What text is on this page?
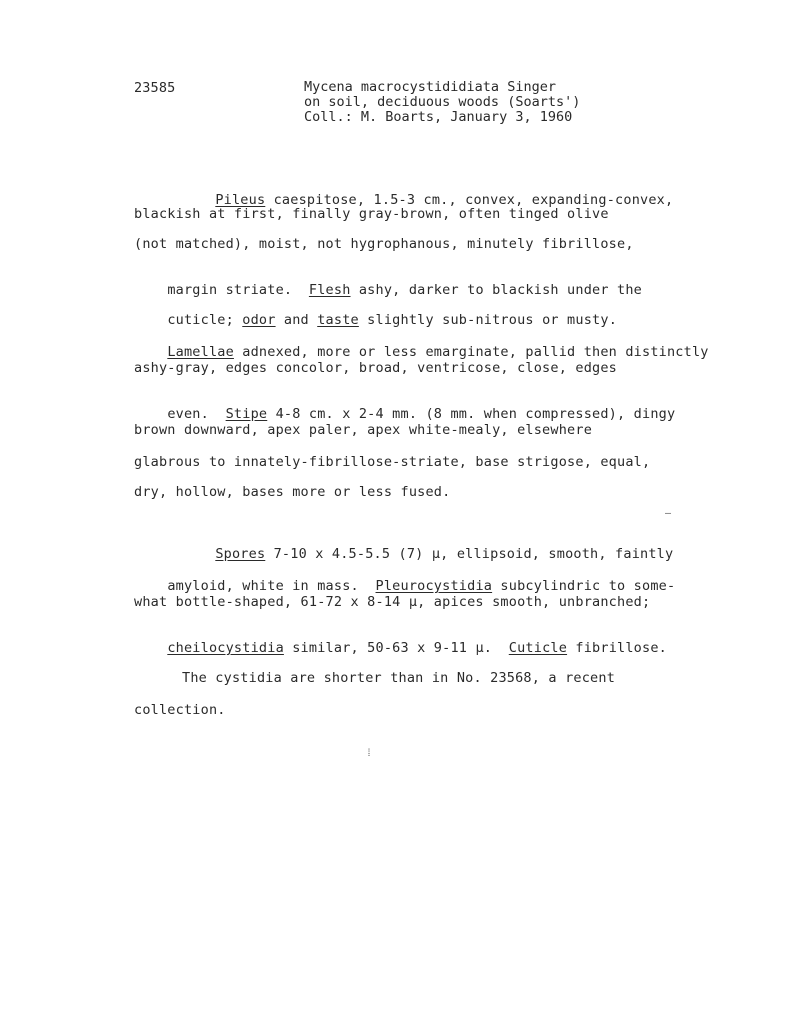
23585	Mycena macrocystididiata Singer
on soil, deciduous woods (Soarts')
Coll.: M. Boarts, January 3, 1960

Pileus caespitose, 1.5-3 cm., convex, expanding-convex,

blackish at first, finally gray-brown, often tinged olive
(not matched), moist, not hygrophanous, minutely fibrillose,

margin striate.  Flesh ashy, darker to blackish under the

cuticle; odor and taste slightly sub-nitrous or musty.

Lamellae adnexed, more or less emarginate, pallid then distinctly

ashy-gray, edges concolor, broad, ventricose, close, edges

even.  Stipe 4-8 cm. x 2-4 mm. (8 mm. when compressed), dingy

brown downward, apex paler, apex white-mealy, elsewhere
glabrous to innately-fibrillose-striate, base strigose, equal,
dry, hollow, bases more or less fused.
—

Spores 7-10 x 4.5-5.5 (7) µ, ellipsoid, smooth, faintly

amyloid, white in mass.  Pleurocystidia subcylindric to some-

what bottle-shaped, 61-72 x 8-14 µ, apices smooth, unbranched;

cheilocystidia similar, 50-63 x 9-11 µ.  Cuticle fibrillose.

The cystidia are shorter than in No. 23568, a recent
collection.
⁞
